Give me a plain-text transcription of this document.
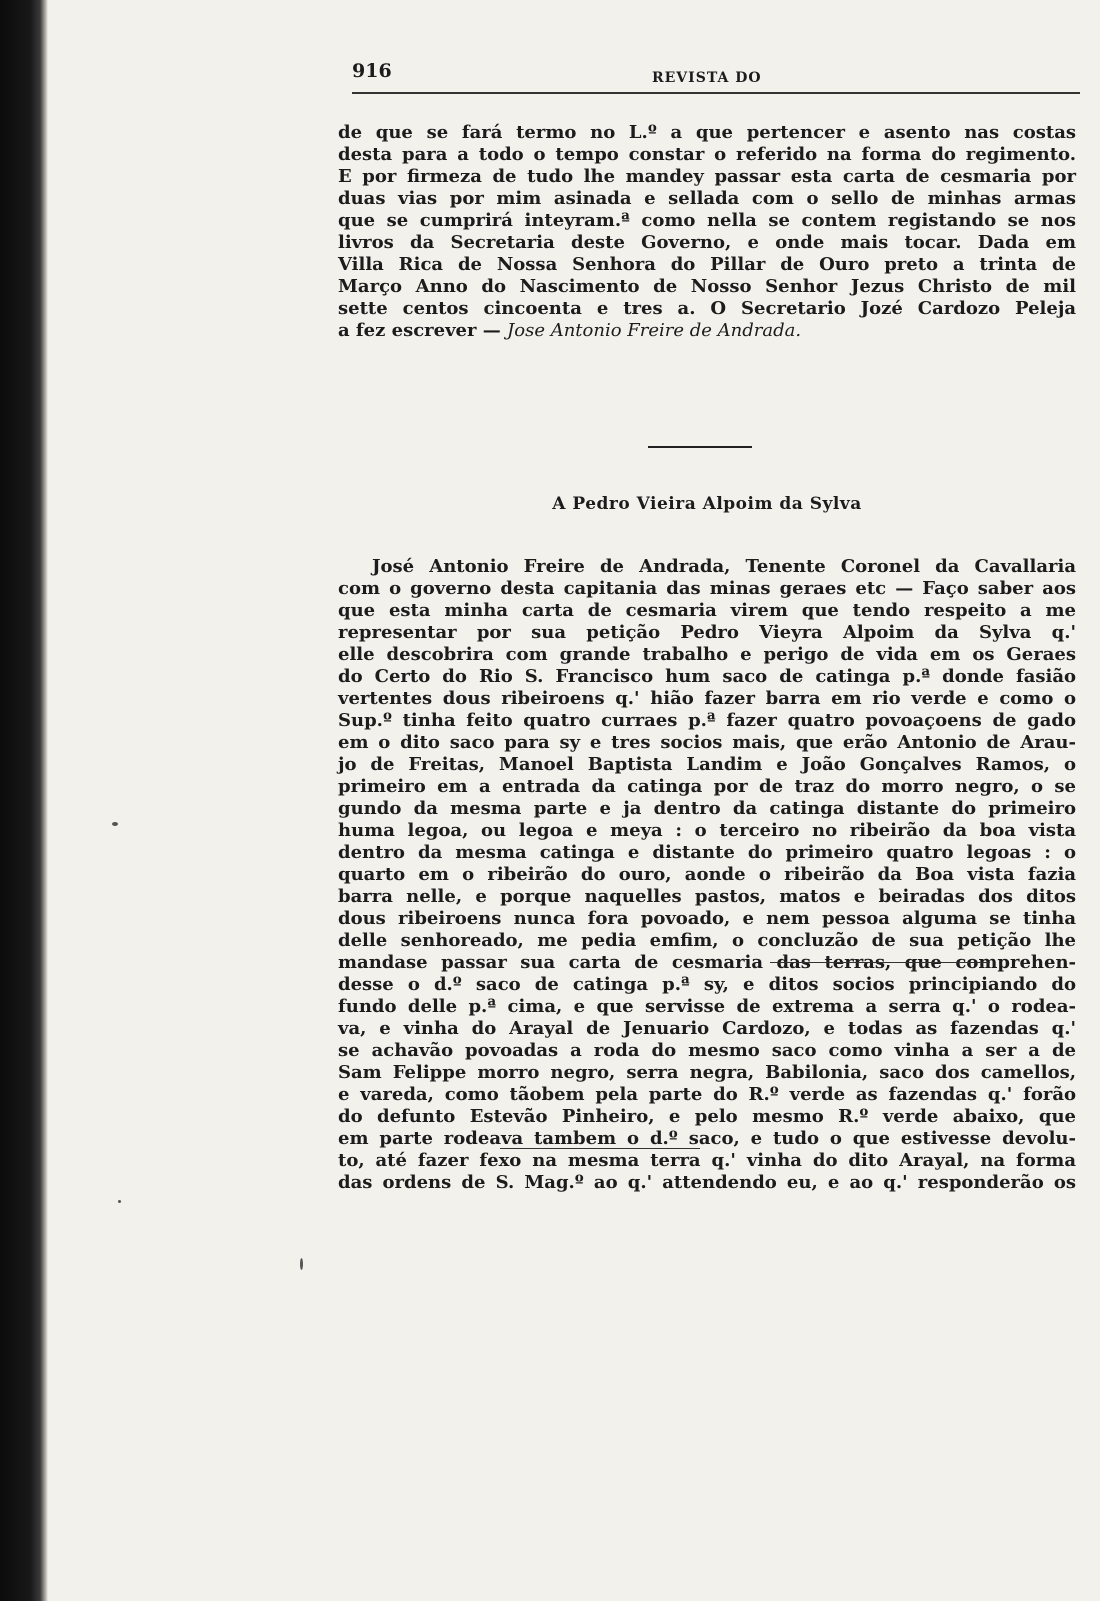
916	REVISTA DO
de que se fará termo no L.º a que pertencer e asento nas costas
desta para a todo o tempo constar o referido na forma do regimento.
E por firmeza de tudo lhe mandey passar esta carta de cesmaria por
duas vias por mim asinada e sellada com o sello de minhas armas
que se cumprirá inteyram.ª como nella se contem registando se nos
livros da Secretaria deste Governo, e onde mais tocar. Dada em
Villa Rica de Nossa Senhora do Pillar de Ouro preto a trinta de
Março Anno do Nascimento de Nosso Senhor Jezus Christo de mil
sette centos cincoenta e tres a. O Secretario Jozé Cardozo Peleja
a fez escrever — Jose Antonio Freire de Andrada.
A Pedro Vieira Alpoim da Sylva
José Antonio Freire de Andrada, Tenente Coronel da Cavallaria
com o governo desta capitania das minas geraes etc — Faço saber aos
que esta minha carta de cesmaria virem que tendo respeito a me
representar por sua petição Pedro Vieyra Alpoim da Sylva q.'
elle descobrira com grande trabalho e perigo de vida em os Geraes
do Certo do Rio S. Francisco hum saco de catinga p.ª donde fasião
vertentes dous ribeiroens q.' hião fazer barra em rio verde e como o
Sup.º tinha feito quatro curraes p.ª fazer quatro povoaçoens de gado
em o dito saco para sy e tres socios mais, que erão Antonio de Arau-
jo de Freitas, Manoel Baptista Landim e João Gonçalves Ramos, o
primeiro em a entrada da catinga por de traz do morro negro, o se
gundo da mesma parte e ja dentro da catinga distante do primeiro
huma legoa, ou legoa e meya : o terceiro no ribeirão da boa vista
dentro da mesma catinga e distante do primeiro quatro legoas : o
quarto em o ribeirão do ouro, aonde o ribeirão da Boa vista fazia
barra nelle, e porque naquelles pastos, matos e beiradas dos ditos
dous ribeiroens nunca fora povoado, e nem pessoa alguma se tinha
delle senhoreado, me pedia emfim, o concluzão de sua petição lhe
mandase passar sua carta de cesmaria das terras, que comprehen-
desse o d.º saco de catinga p.ª sy, e ditos socios principiando do
fundo delle p.ª cima, e que servisse de extrema a serra q.' o rodea-
va, e vinha do Arayal de Jenuario Cardozo, e todas as fazendas q.'
se achavão povoadas a roda do mesmo saco como vinha a ser a de
Sam Felippe morro negro, serra negra, Babilonia, saco dos camellos,
e vareda, como tãobem pela parte do R.º verde as fazendas q.' forão
do defunto Estevão Pinheiro, e pelo mesmo R.º verde abaixo, que
em parte rodeava tambem o d.º saco, e tudo o que estivesse devolu-
to, até fazer fexo na mesma terra q.' vinha do dito Arayal, na forma
das ordens de S. Mag.º ao q.' attendendo eu, e ao q.' responderão os
